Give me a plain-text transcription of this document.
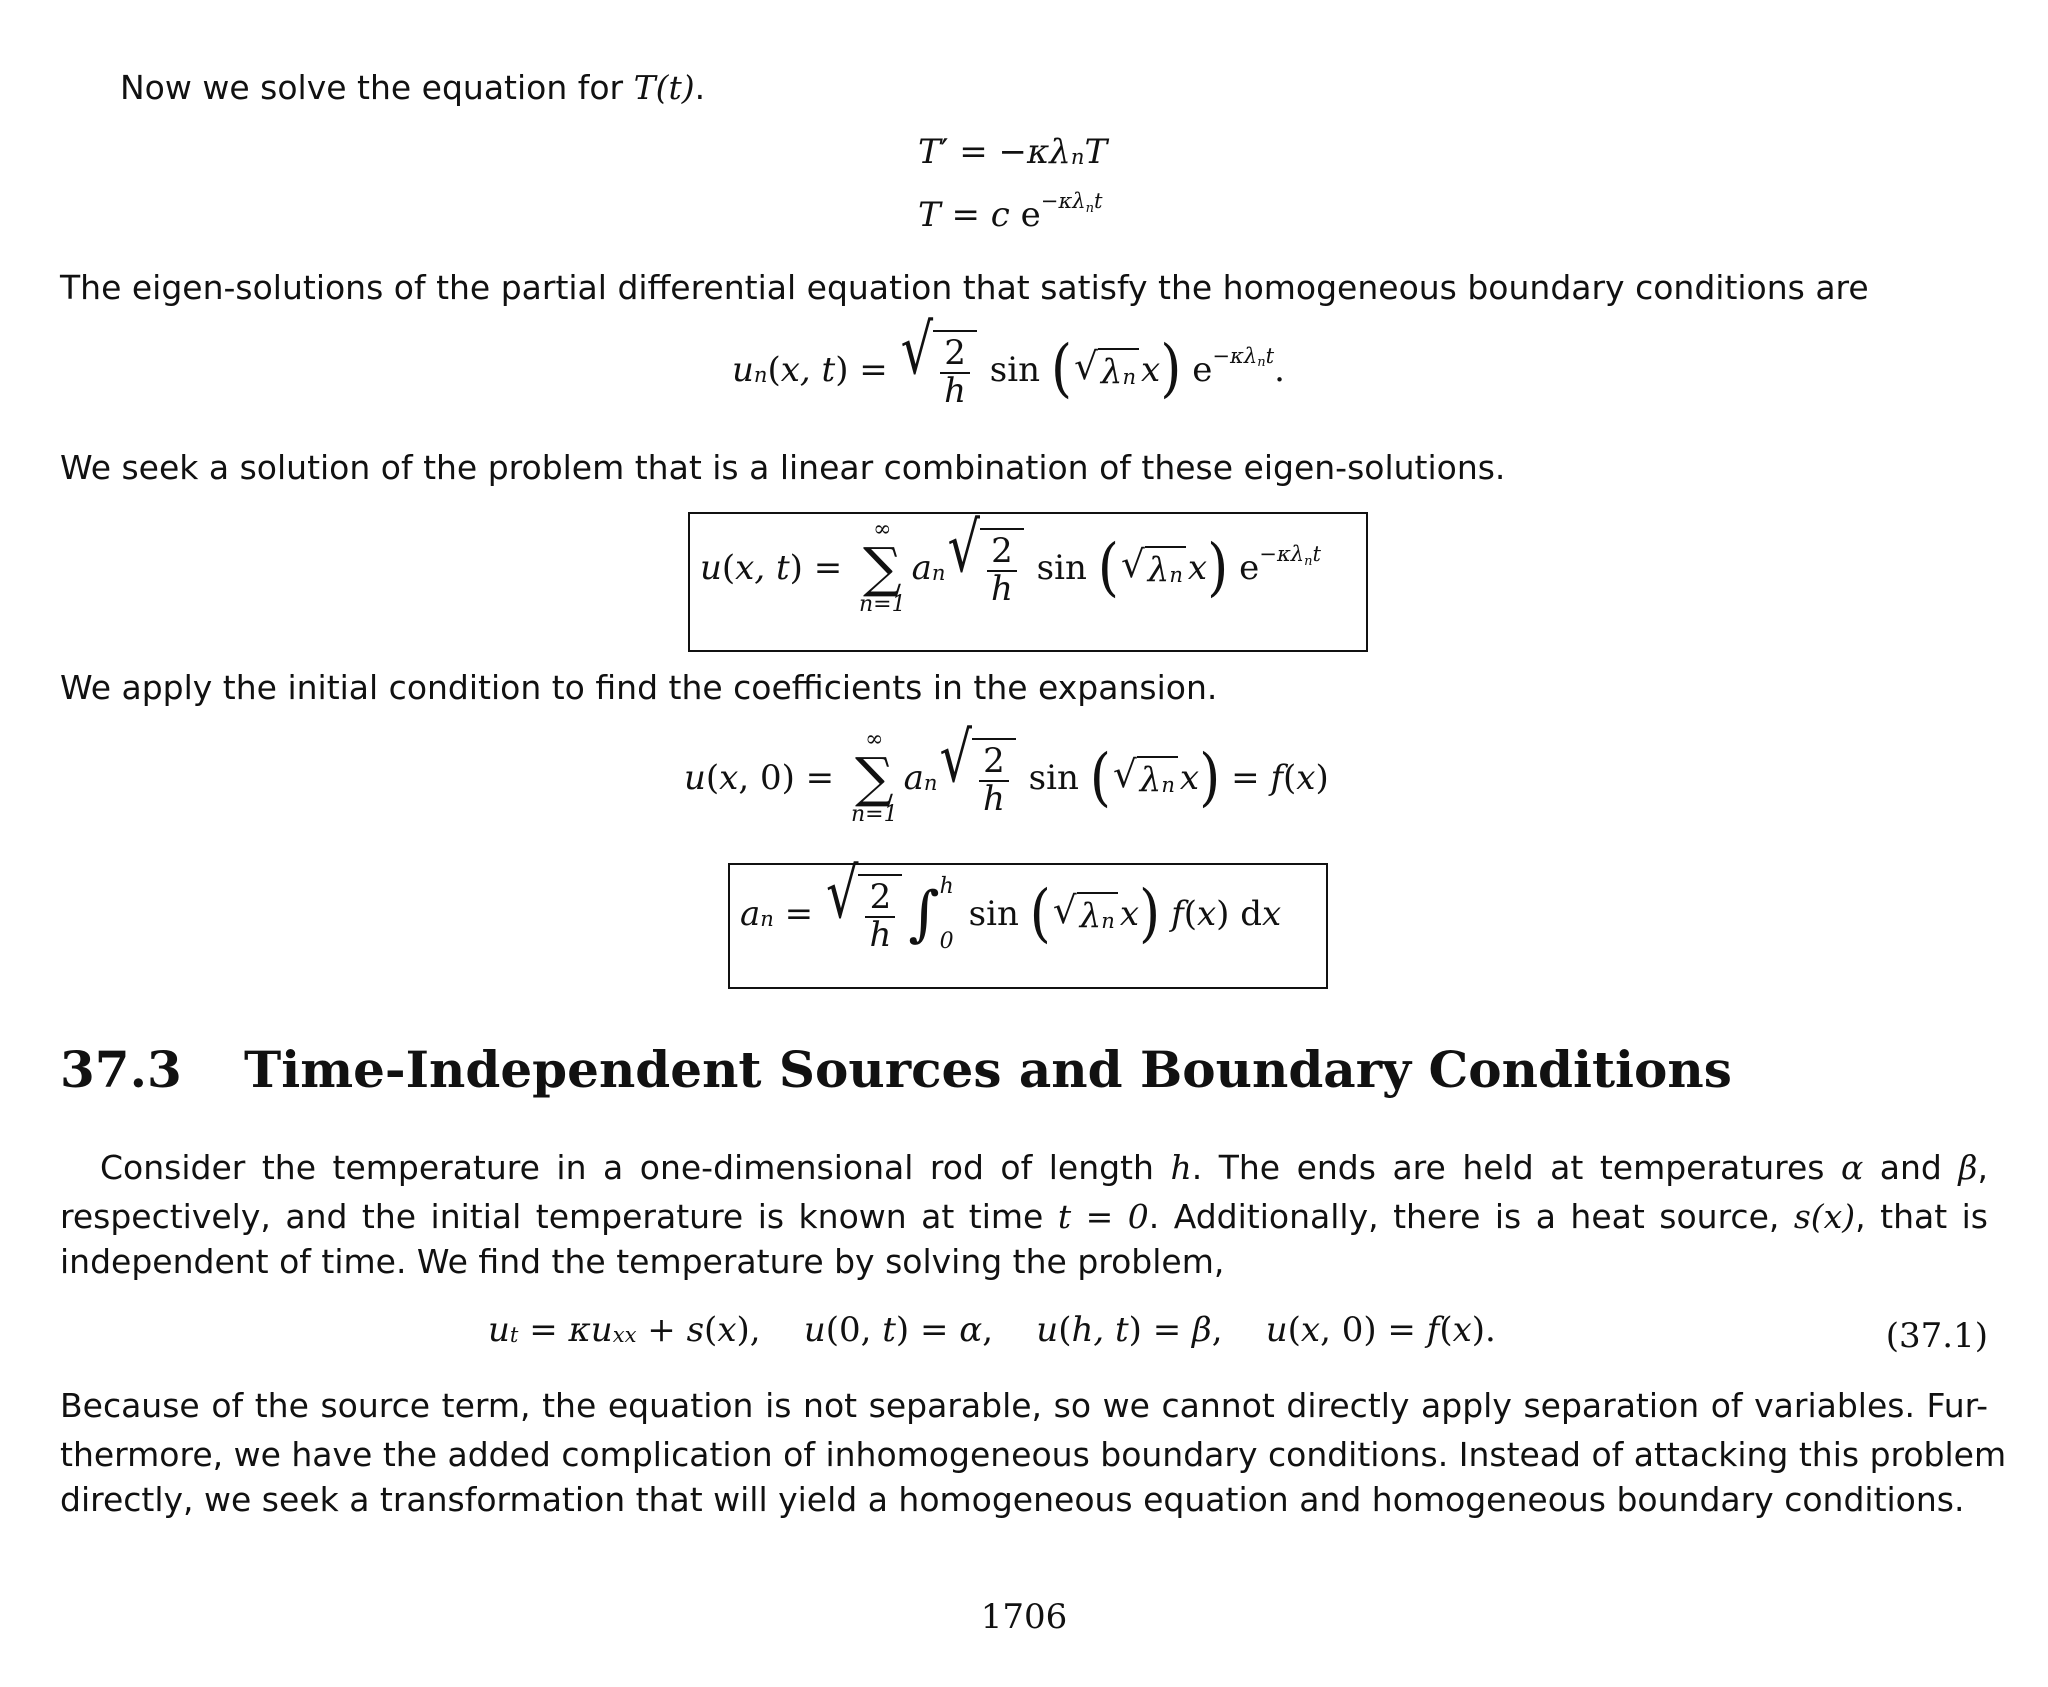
Now we solve the equation for T(t).
T ′ = − $\kappa\lambda_n$ T
T = c $e^{-\kappa\lambda_nt}$
The eigen-solutions of the partial differential equation that satisfy the homogeneous boundary conditions are
$u_n$ ( x, t ) = √ $\frac{2}{h}$ sin ( √ $\lambda_n$ x ) $e^{-\kappa\lambda_nt}$ .
We seek a solution of the problem that is a linear combination of these eigen-solutions.
u ( x, t ) =
∞
∑
n=1
$a_n$ √ $\frac{2}{h}$ sin ( √ $\lambda_n$ x ) $e^{-\kappa\lambda_nt}$
We apply the initial condition to find the coefficients in the expansion.
u ( x , 0) =
∞
∑
n=1
$a_n$ √ $\frac{2}{h}$ sin ( √ $\lambda_n$ x ) = f ( x )
$a_n$ = √ $\frac{2}{h}$ ∫ h
0
sin ( √ $\lambda_n$ x )
f ( x ) d x
37.3 Time-Independent Sources and Boundary Conditions
Consider the temperature in a one-dimensional rod of length h. The ends are held at temperatures α and β,
respectively, and the initial temperature is known at time t = 0. Additionally, there is a heat source, s(x), that is
independent of time. We find the temperature by solving the problem,
$u_t = \kappa u_{xx} + s$ ( x ), u (0, t ) = α , u ( h, t ) = β , u ( x , 0) = f ( x ).	(37.1)
Because of the source term, the equation is not separable, so we cannot directly apply separation of variables. Fur-
thermore, we have the added complication of inhomogeneous boundary conditions. Instead of attacking this problem
directly, we seek a transformation that will yield a homogeneous equation and homogeneous boundary conditions.
1706
